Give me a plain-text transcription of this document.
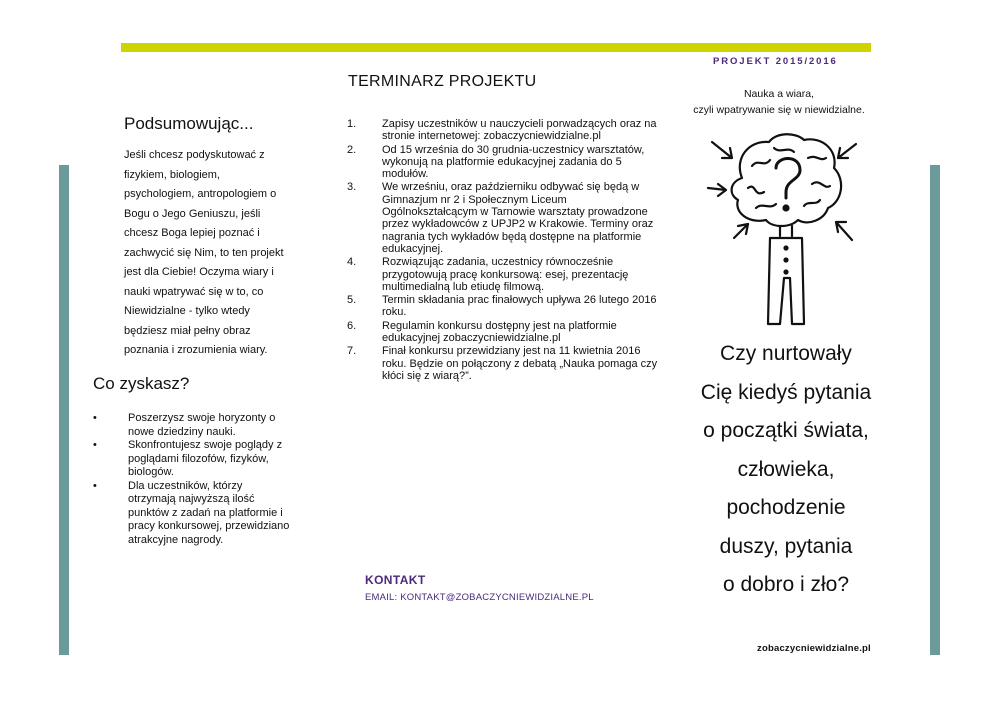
Podsumowując...
Jeśli chcesz podyskutować z fizykiem, biologiem, psychologiem, antropologiem o Bogu o Jego Geniuszu, jeśli chcesz Boga lepiej poznać i zachwycić się Nim, to ten projekt jest dla Ciebie! Oczyma wiary i nauki wpatrywać się w to, co Niewidzialne - tylko wtedy będziesz miał pełny obraz poznania i zrozumienia wiary.
Co zyskasz?
• Poszerzysz swoje horyzonty o nowe dziedziny nauki.
• Skonfrontujesz swoje poglądy z poglądami filozofów, fizyków, biologów.
• Dla uczestników, którzy otrzymają najwyższą ilość punktów z zadań na platformie i pracy konkursowej, przewidziano atrakcyjne nagrody.
TERMINARZ PROJEKTU
1. Zapisy uczestników u nauczycieli porwadzących oraz na stronie internetowej: zobaczycniewidzialne.pl
2. Od 15 września do 30 grudnia-uczestnicy warsztatów, wykonują na platformie edukacyjnej zadania do 5 modułów.
3. We wrześniu, oraz październiku odbywać się będą w Gimnazjum nr 2 i Społecznym Liceum Ogólnokształcącym w Tarnowie warsztaty prowadzone przez wykładowców z UPJP2 w Krakowie. Terminy oraz nagrania tych wykładów będą dostępne na platformie edukacyjnej.
4. Rozwiązując zadania, uczestnicy równocześnie przygotowują pracę konkursową: esej, prezentację multimedialną lub etiudę filmową.
5. Termin składania prac finałowych upływa 26 lutego 2016 roku.
6. Regulamin konkursu dostępny jest na platformie edukacyjnej zobaczycniewidzialne.pl
7. Finał konkursu przewidziany jest na 11 kwietnia 2016 roku. Będzie on połączony z debatą „Nauka pomaga czy kłóci się z wiarą?”.
KONTAKT
EMAIL: KONTAKT@ZOBACZYCNIEWIDZIALNE.PL
PROJEKT 2015/2016
Nauka a wiara,
czyli wpatrywanie się w niewidzialne.
Czy nurtowały
Cię kiedyś pytania
o początki świata,
człowieka,
pochodzenie
duszy, pytania
o dobro i zło?
zobaczycniewidzialne.pl
